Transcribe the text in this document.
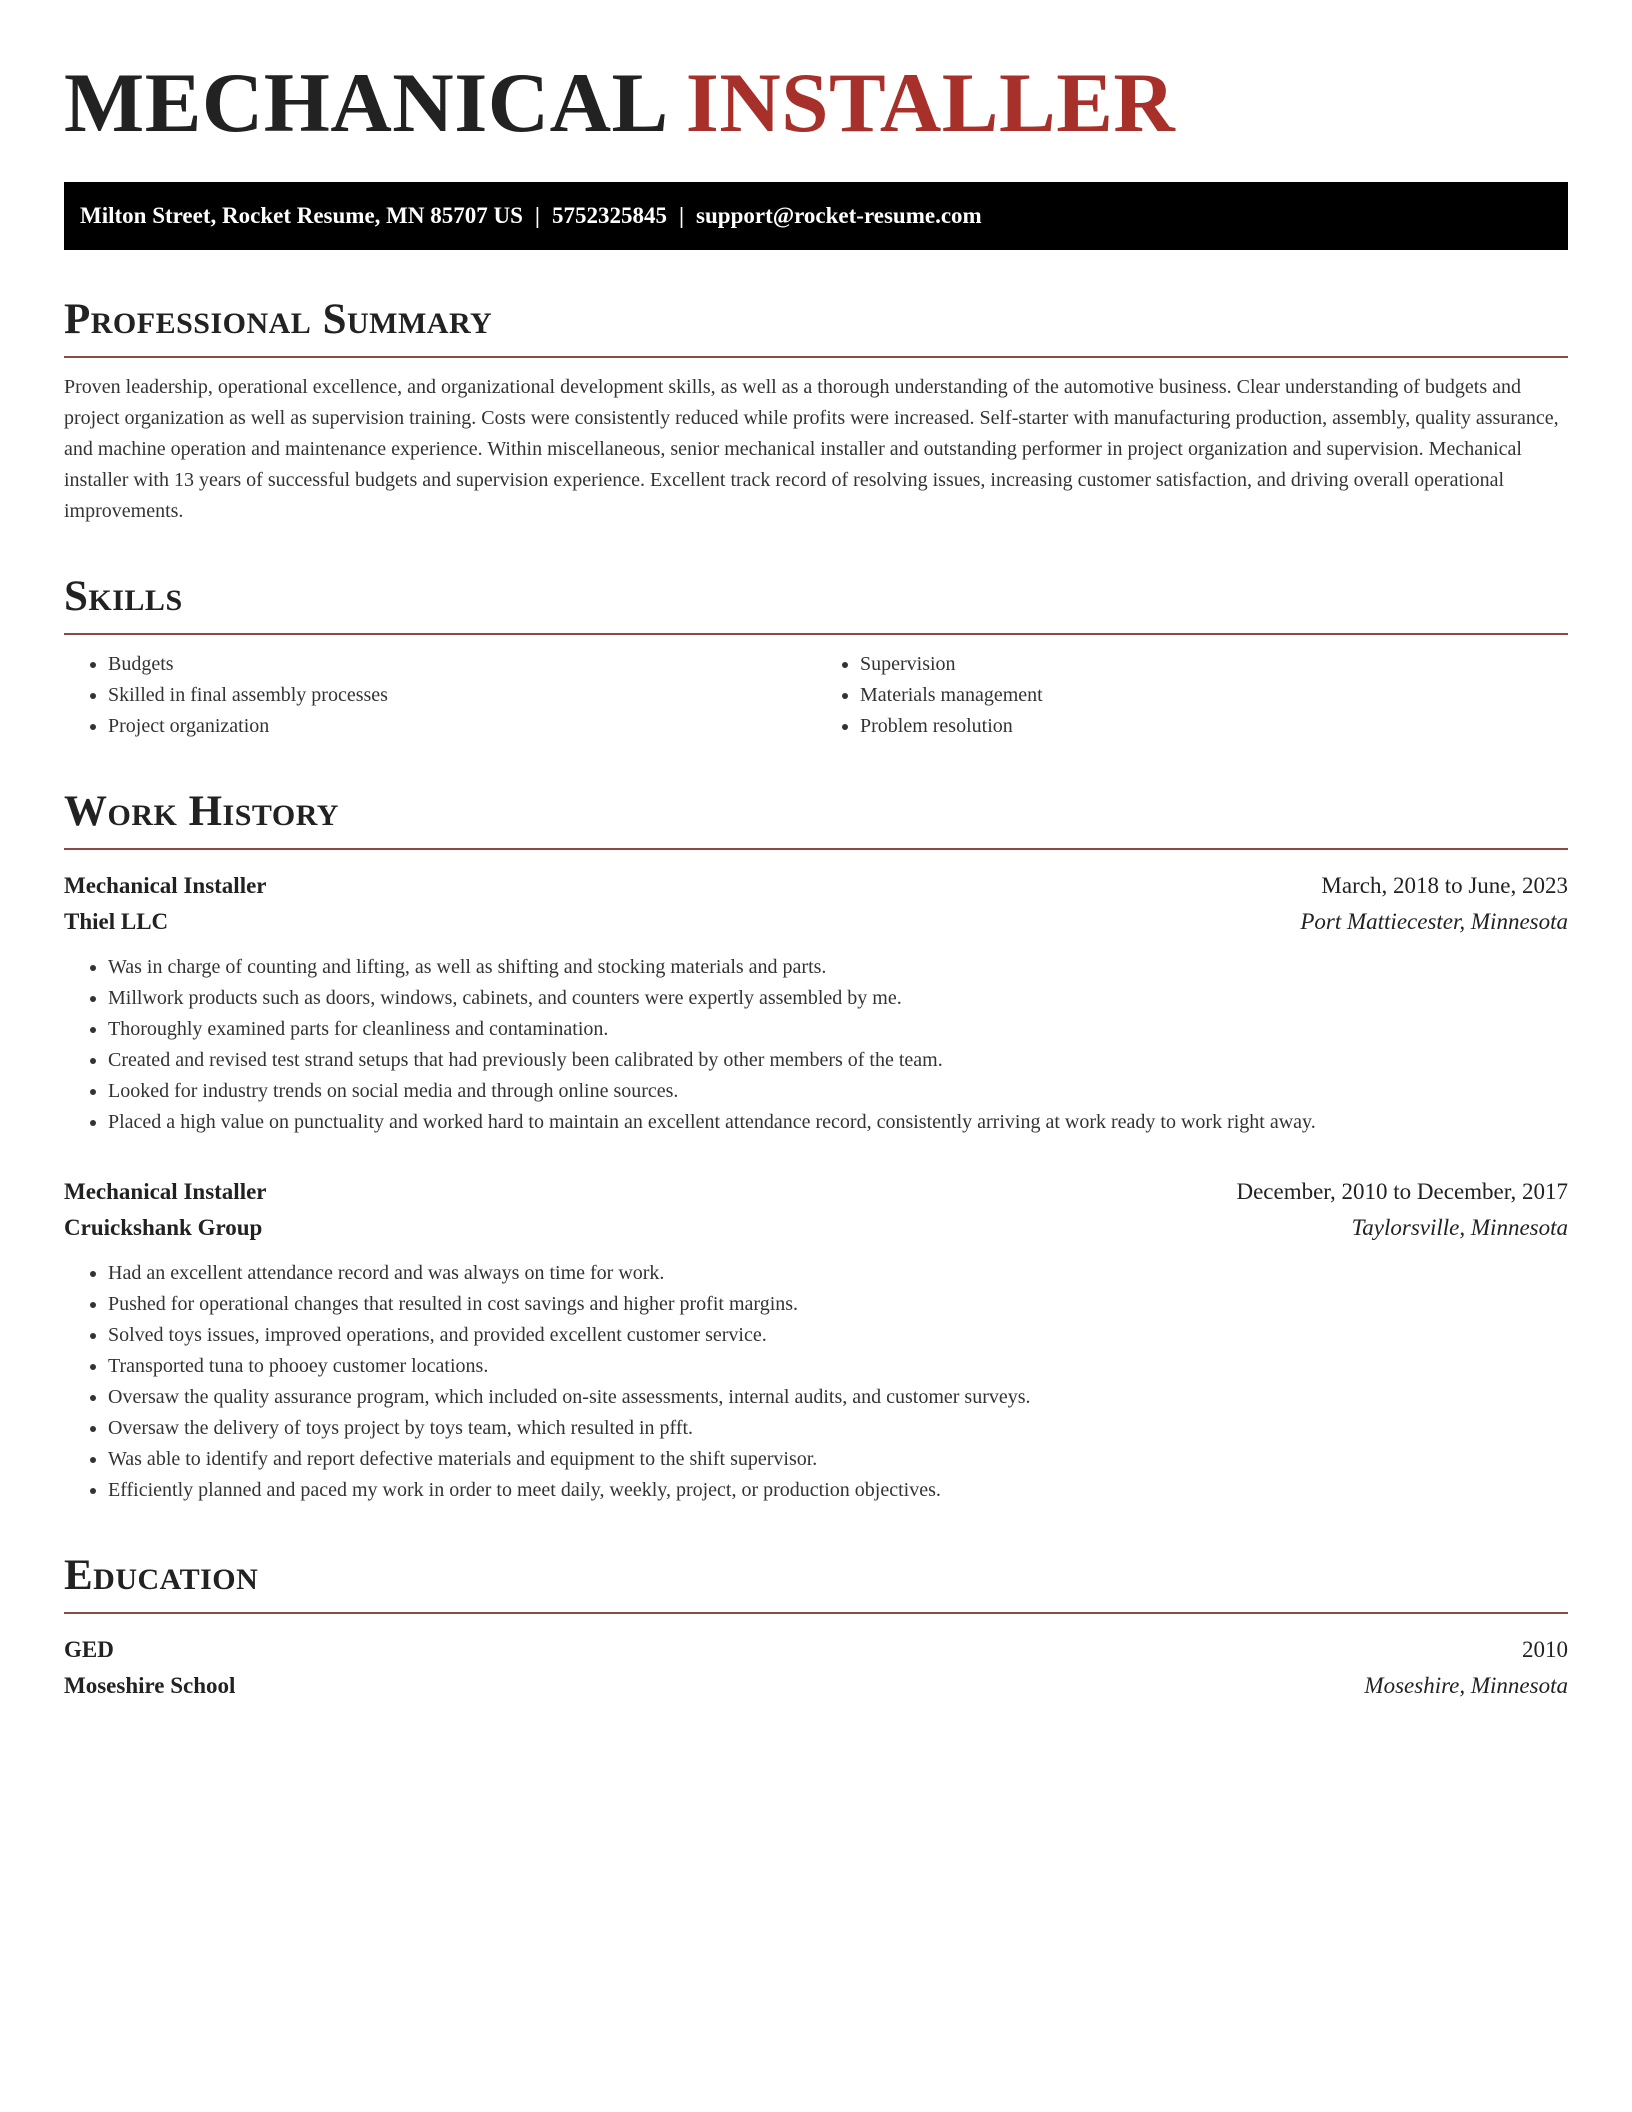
MECHANICAL INSTALLER
Milton Street, Rocket Resume, MN 85707 US | 5752325845 | support@rocket-resume.com
Professional Summary

Proven leadership, operational excellence, and organizational development skills, as well as a thorough understanding of the automotive business. Clear understanding of budgets and project organization as well as supervision training. Costs were consistently reduced while profits were increased. Self-starter with manufacturing production, assembly, quality assurance, and machine operation and maintenance experience. Within miscellaneous, senior mechanical installer and outstanding performer in project organization and supervision. Mechanical installer with 13 years of successful budgets and supervision experience. Excellent track record of resolving issues, increasing customer satisfaction, and driving overall operational improvements.

Skills
• Budgets
• Skilled in final assembly processes
• Project organization
• Supervision
• Materials management
• Problem resolution
Work History
Mechanical Installer	March, 2018 to June, 2023
Thiel LLC	Port Mattiecester, Minnesota
• Was in charge of counting and lifting, as well as shifting and stocking materials and parts.
• Millwork products such as doors, windows, cabinets, and counters were expertly assembled by me.
• Thoroughly examined parts for cleanliness and contamination.
• Created and revised test strand setups that had previously been calibrated by other members of the team.
• Looked for industry trends on social media and through online sources.
• Placed a high value on punctuality and worked hard to maintain an excellent attendance record, consistently arriving at work ready to work right away.
Mechanical Installer	December, 2010 to December, 2017
Cruickshank Group	Taylorsville, Minnesota
• Had an excellent attendance record and was always on time for work.
• Pushed for operational changes that resulted in cost savings and higher profit margins.
• Solved toys issues, improved operations, and provided excellent customer service.
• Transported tuna to phooey customer locations.
• Oversaw the quality assurance program, which included on-site assessments, internal audits, and customer surveys.
• Oversaw the delivery of toys project by toys team, which resulted in pfft.
• Was able to identify and report defective materials and equipment to the shift supervisor.
• Efficiently planned and paced my work in order to meet daily, weekly, project, or production objectives.
Education
GED	2010
Moseshire School	Moseshire, Minnesota
